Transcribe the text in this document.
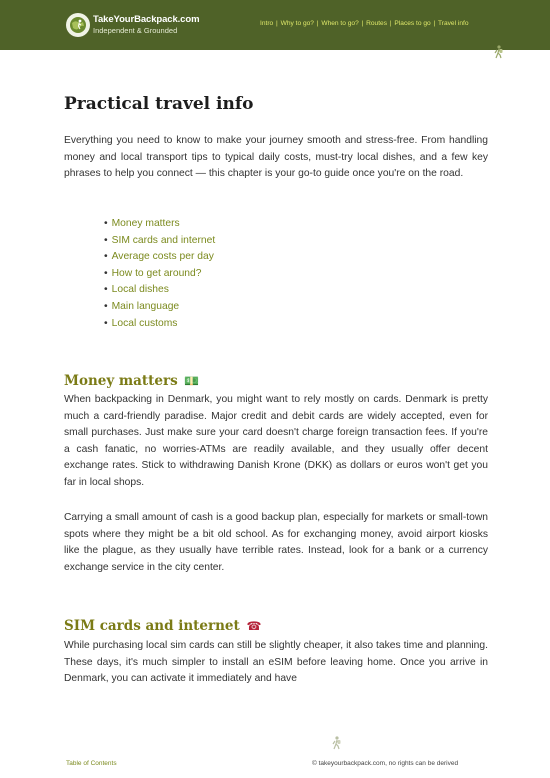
TakeYourBackpack.com
Independent & Grounded
Intro | Why to go? | When to go? | Routes | Places to go | Travel info
Practical travel info

Everything you need to know to make your journey smooth and stress-free. From handling money and local transport tips to typical daily costs, must-try local dishes, and a few key phrases to help you connect — this chapter is your go-to guide once you're on the road.

• Money matters
• SIM cards and internet
• Average costs per day
• How to get around?
• Local dishes
• Main language
• Local customs
Money matters 💵

When backpacking in Denmark, you might want to rely mostly on cards. Denmark is pretty much a card-friendly paradise. Major credit and debit cards are widely accepted, even for small purchases. Just make sure your card doesn't charge foreign transaction fees. If you're a cash fanatic, no worries-ATMs are readily available, and they usually offer decent exchange rates. Stick to withdrawing Danish Krone (DKK) as dollars or euros won't get you far in local shops.

Carrying a small amount of cash is a good backup plan, especially for markets or small-town spots where they might be a bit old school. As for exchanging money, avoid airport kiosks like the plague, as they usually have terrible rates. Instead, look for a bank or a currency exchange service in the city center.

SIM cards and internet ☎

While purchasing local sim cards can still be slightly cheaper, it also takes time and planning. These days, it's much simpler to install an eSIM before leaving home. Once you arrive in Denmark, you can activate it immediately and have

Table of Contents	© takeyourbackpack.com, no rights can be derived
